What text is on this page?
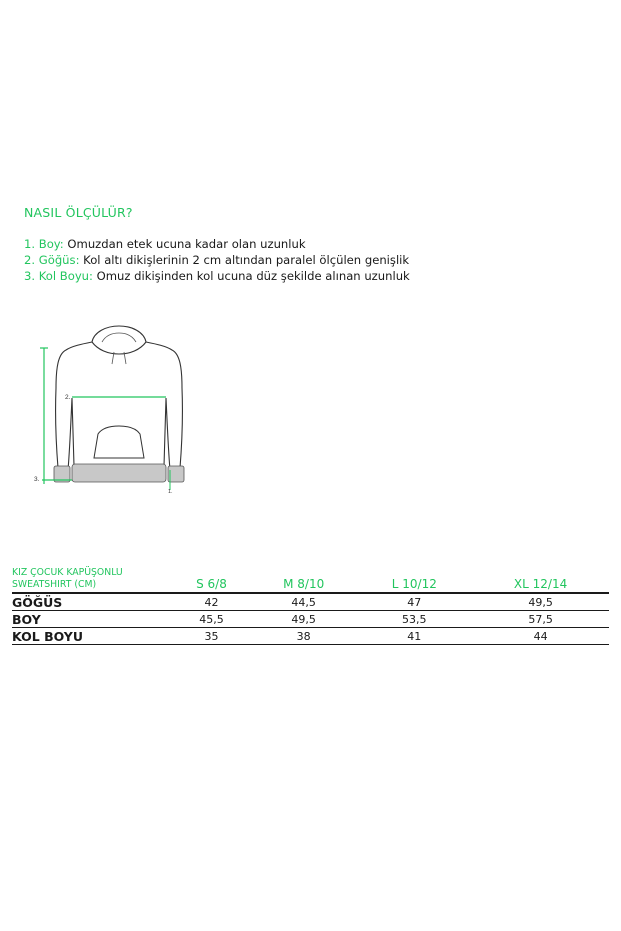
NASIL ÖLÇÜLÜR?
1. Boy: Omuzdan etek ucuna kadar olan uzunluk
2. Göğüs: Kol altı dikişlerinin 2 cm altından paralel ölçülen genişlik
3. Kol Boyu: Omuz dikişinden kol ucuna düz şekilde alınan uzunluk
2.
3.
1.
KIZ ÇOCUK KAPÜŞONLU
SWEATSHIRT (CM)	S 6/8	M 8/10	L 10/12	XL 12/14
GÖĞÜS	42	44,5	47	49,5
BOY	45,5	49,5	53,5	57,5
KOL BOYU	35	38	41	44
